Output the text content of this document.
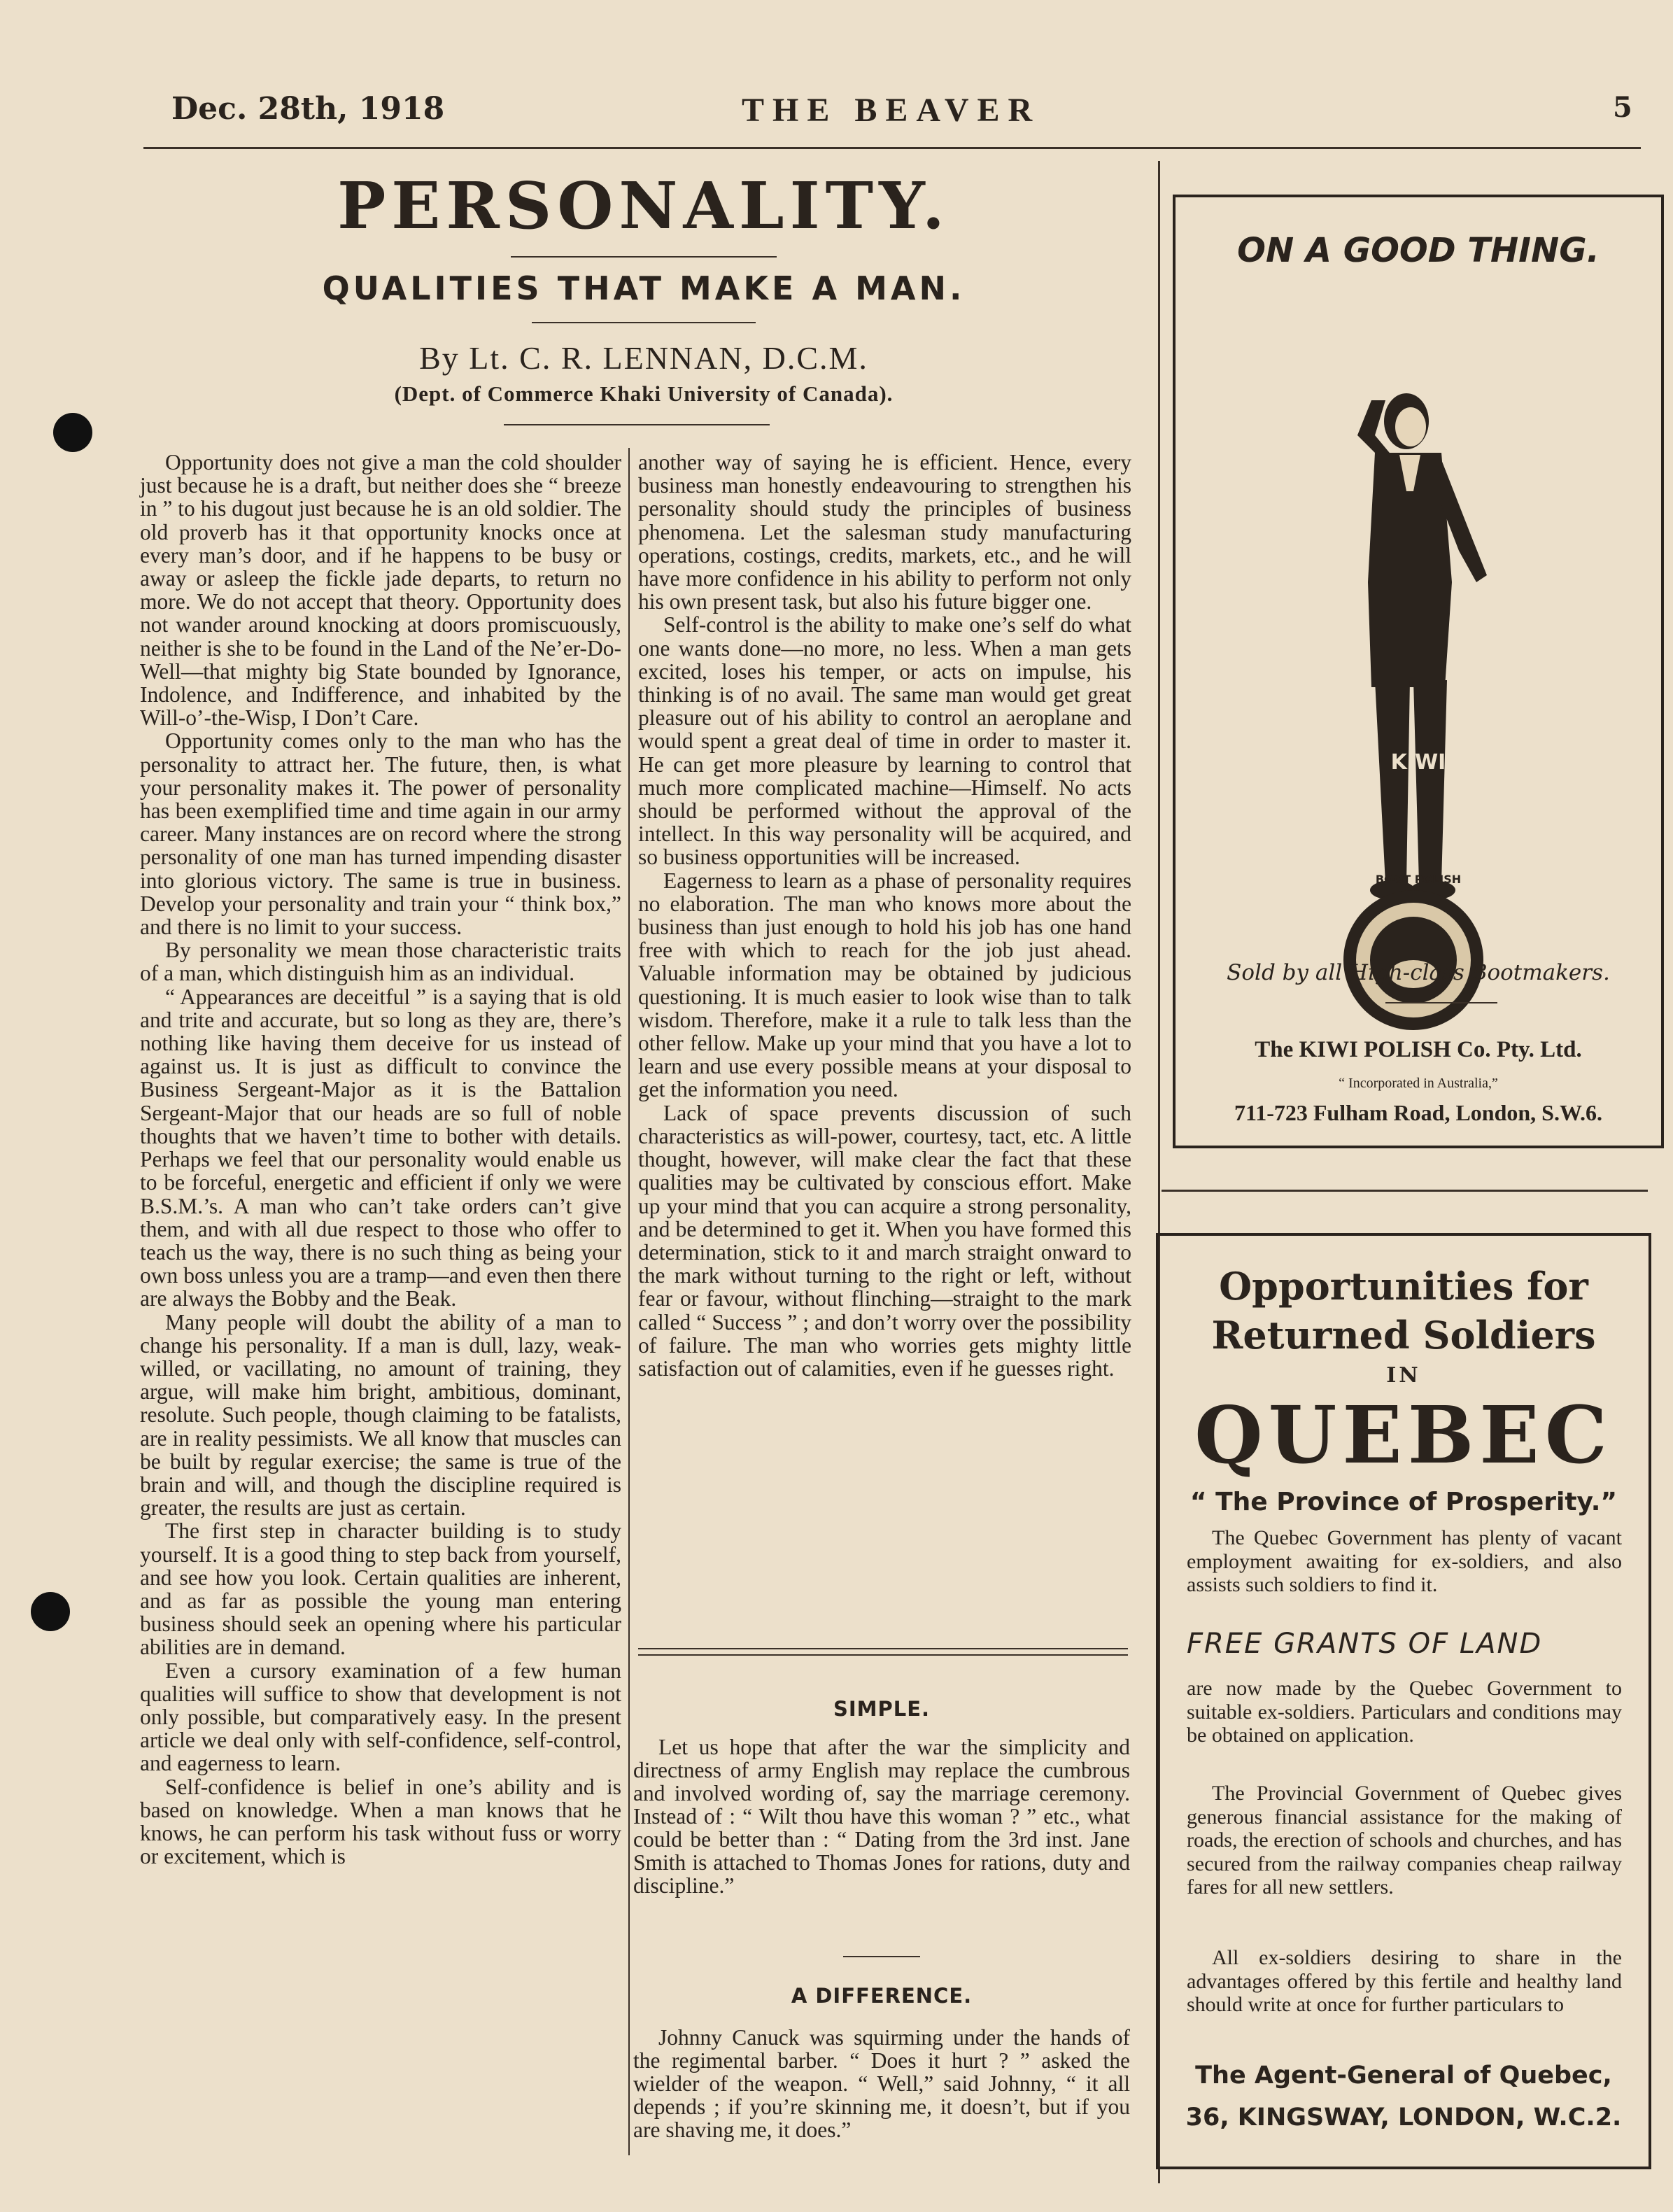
Dec. 28th, 1918	THE BEAVER	5
PERSONALITY.
QUALITIES THAT MAKE A MAN.
By Lt. C. R. LENNAN, D.C.M.
(Dept. of Commerce Khaki University of Canada).

Opportunity does not give a man the cold shoulder just because he is a draft, but neither does she “ breeze in ” to his dugout just because he is an old soldier. The old proverb has it that opportunity knocks once at every man’s door, and if he happens to be busy or away or asleep the fickle jade departs, to return no more. We do not accept that theory. Opportunity does not wander around knocking at doors promiscuously, neither is she to be found in the Land of the Ne’er-Do-Well—that mighty big State bounded by Ignorance, Indolence, and Indifference, and inhabited by the Will-o’-the-Wisp, I Don’t Care.

Opportunity comes only to the man who has the personality to attract her. The future, then, is what your personality makes it. The power of personality has been exemplified time and time again in our army career. Many instances are on record where the strong personality of one man has turned impending disaster into glorious victory. The same is true in business. Develop your personality and train your “ think box,” and there is no limit to your success.

By personality we mean those characteristic traits of a man, which distinguish him as an individual.

“ Appearances are deceitful ” is a saying that is old and trite and accurate, but so long as they are, there’s nothing like having them deceive for us instead of against us. It is just as difficult to convince the Business Sergeant-Major as it is the Battalion Sergeant-Major that our heads are so full of noble thoughts that we haven’t time to bother with details. Perhaps we feel that our personality would enable us to be forceful, energetic and efficient if only we were B.S.M.’s. A man who can’t take orders can’t give them, and with all due respect to those who offer to teach us the way, there is no such thing as being your own boss unless you are a tramp—and even then there are always the Bobby and the Beak.

Many people will doubt the ability of a man to change his personality. If a man is dull, lazy, weak-willed, or vacillating, no amount of training, they argue, will make him bright, ambitious, dominant, resolute. Such people, though claiming to be fatalists, are in reality pessimists. We all know that muscles can be built by regular exercise; the same is true of the brain and will, and though the discipline required is greater, the results are just as certain.

The first step in character building is to study yourself. It is a good thing to step back from yourself, and see how you look. Certain qualities are inherent, and as far as possible the young man entering business should seek an opening where his particular abilities are in demand.

Even a cursory examination of a few human qualities will suffice to show that development is not only possible, but comparatively easy. In the present article we deal only with self-confidence, self-control, and eagerness to learn.

Self-confidence is belief in one’s ability and is based on knowledge. When a man knows that he knows, he can perform his task without fuss or worry or excitement, which is

another way of saying he is efficient. Hence, every business man honestly endeavouring to strengthen his personality should study the principles of business phenomena. Let the salesman study manufacturing operations, costings, credits, markets, etc., and he will have more confidence in his ability to perform not only his own present task, but also his future bigger one.

Self-control is the ability to make one’s self do what one wants done—no more, no less. When a man gets excited, loses his temper, or acts on impulse, his thinking is of no avail. The same man would get great pleasure out of his ability to control an aeroplane and would spent a great deal of time in order to master it. He can get more pleasure by learning to control that much more complicated machine—Himself. No acts should be performed without the approval of the intellect. In this way personality will be acquired, and so business opportunities will be increased.

Eagerness to learn as a phase of personality requires no elaboration. The man who knows more about the business than just enough to hold his job has one hand free with which to reach for the job just ahead. Valuable information may be obtained by judicious questioning. It is much easier to look wise than to talk wisdom. Therefore, make it a rule to talk less than the other fellow. Make up your mind that you have a lot to learn and use every possible means at your disposal to get the information you need.

Lack of space prevents discussion of such characteristics as will-power, courtesy, tact, etc. A little thought, however, will make clear the fact that these qualities may be cultivated by conscious effort. Make up your mind that you can acquire a strong personality, and be determined to get it. When you have formed this determination, stick to it and march straight onward to the mark without turning to the right or left, without fear or favour, without flinching—straight to the mark called “ Success ” ; and don’t worry over the possibility of failure. The man who worries gets mighty little satisfaction out of calamities, even if he guesses right.

SIMPLE.

Let us hope that after the war the simplicity and directness of army English may replace the cumbrous and involved wording of, say the marriage ceremony. Instead of : “ Wilt thou have this woman ? ” etc., what could be better than : “ Dating from the 3rd inst. Jane Smith is attached to Thomas Jones for rations, duty and discipline.”

A DIFFERENCE.

Johnny Canuck was squirming under the hands of the regimental barber. “ Does it hurt ? ” asked the wielder of the weapon. “ Well,” said Johnny, “ it all depends ; if you’re skinning me, it doesn’t, but if you are shaving me, it does.”

ON A GOOD THING.
KIWI
BOOT POLISH
Sold by all High-class Bootmakers.
The KIWI POLISH Co. Pty. Ltd.
“ Incorporated in Australia,”
711-723 Fulham Road, London, S.W.6.
Opportunities for
Returned Soldiers
IN
QUEBEC
“ The Province of Prosperity.”
The Quebec Government has plenty of vacant employment awaiting for ex-soldiers, and also assists such soldiers to find it.
FREE GRANTS OF LAND
are now made by the Quebec Government to suitable ex-soldiers. Particulars and conditions may be obtained on application.
The Provincial Government of Quebec gives generous financial assistance for the making of roads, the erection of schools and churches, and has secured from the railway companies cheap railway fares for all new settlers.
All ex-soldiers desiring to share in the advantages offered by this fertile and healthy land should write at once for further particulars to
The Agent-General of Quebec,
36, KINGSWAY, LONDON, W.C.2.
